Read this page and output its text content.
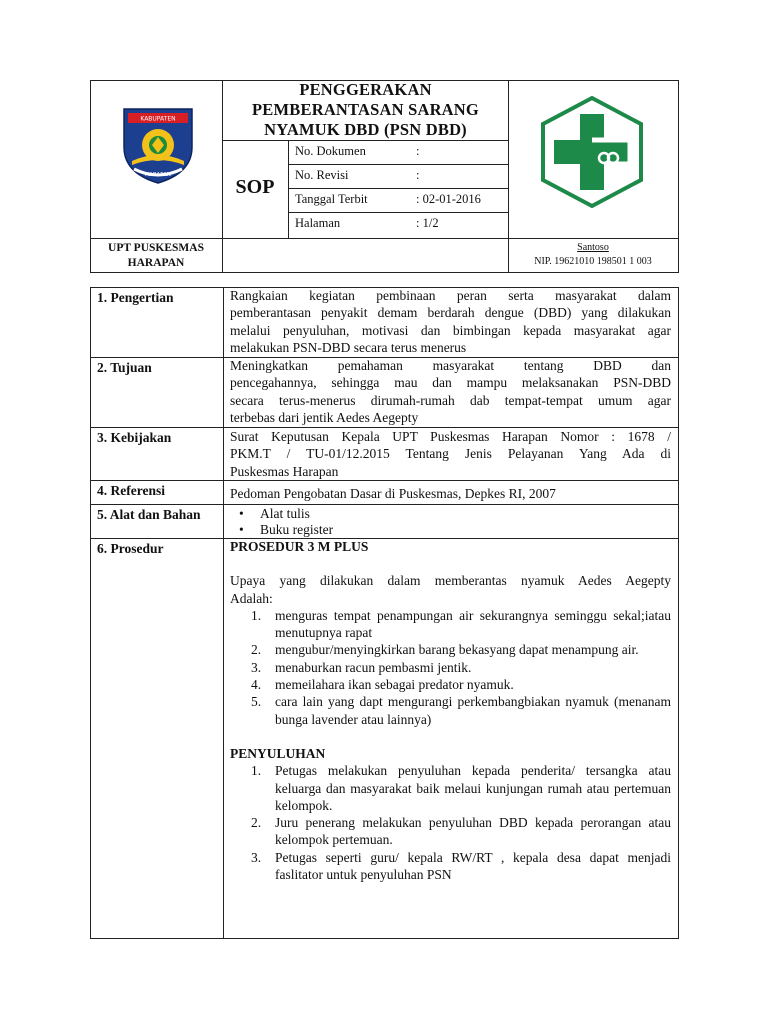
KABUPATEN
HARAPAN
PENGGERAKAN PEMBERANTASAN SARANG NYAMUK DBD (PSN DBD)
SOP
No. Dokumen	:
No. Revisi	:
Tanggal Terbit	: 02-01-2016
Halaman	: 1/2
UPT PUSKESMAS
HARAPAN
Santoso
NIP. 19621010 198501 1 003
1. Pengertian	Rangkaian kegiatan pembinaan peran serta masyarakat dalam
pemberantasan penyakit demam berdarah dengue (DBD) yang dilakukan
melalui penyuluhan, motivasi dan bimbingan kepada masyarakat agar
melakukan PSN-DBD secara terus menerus
2. Tujuan	Meningkatkan pemahaman masyarakat tentang DBD dan
pencegahannya, sehingga mau dan mampu melaksanakan PSN-DBD
secara terus-menerus dirumah-rumah dab tempat-tempat umum agar
terbebas dari jentik Aedes Aegepty
3. Kebijakan	Surat Keputusan Kepala UPT Puskesmas Harapan Nomor : 1678 /
PKM.T / TU-01/12.2015 Tentang Jenis Pelayanan Yang Ada di
Puskesmas Harapan
4. Referensi	Pedoman Pengobatan Dasar di Puskesmas, Depkes RI, 2007
5. Alat dan Bahan
•	Alat tulis
• Buku register
6. Prosedur	PROSEDUR 3 M PLUS
Upaya yang dilakukan dalam memberantas nyamuk Aedes Aegepty
Adalah:
1. menguras tempat penampungan air sekurangnya seminggu sekal;iatau menutupnya rapat
2. mengubur/menyingkirkan barang bekasyang dapat menampung air.
3. menaburkan racun pembasmi jentik.
4. memeilahara ikan sebagai predator nyamuk.
5. cara lain yang dapt mengurangi perkembangbiakan nyamuk (menanam bunga lavender atau lainnya)
PENYULUHAN
1. Petugas melakukan penyuluhan kepada penderita/ tersangka atau keluarga dan masyarakat baik melaui kunjungan rumah atau pertemuan kelompok.
2. Juru penerang melakukan penyuluhan DBD kepada perorangan atau kelompok pertemuan.
3. Petugas seperti guru/ kepala RW/RT , kepala desa dapat menjadi faslitator untuk penyuluhan PSN
